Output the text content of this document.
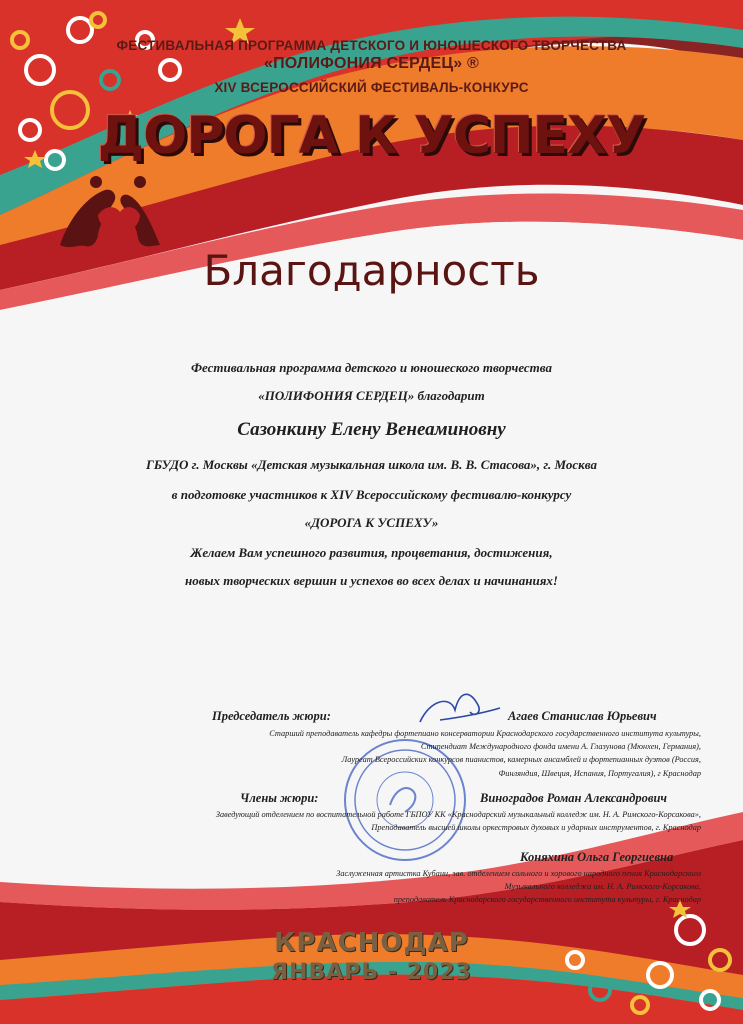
ФЕСТИВАЛЬНАЯ ПРОГРАММА ДЕТСКОГО И ЮНОШЕСКОГО ТВОРЧЕСТВА
«ПОЛИФОНИЯ СЕРДЕЦ» ®
XIV ВСЕРОССИЙСКИЙ ФЕСТИВАЛЬ-КОНКУРС
ДОРОГА К УСПЕХУ
Благодарность
Фестивальная программа детского и юношеского творчества
«ПОЛИФОНИЯ СЕРДЕЦ» благодарит
Сазонкину Елену Венеаминовну
ГБУДО г. Москвы «Детская музыкальная школа им. В. В. Стасова», г. Москва
в подготовке участников к XIV Всероссийскому фестивалю-конкурсу
«ДОРОГА К УСПЕХУ»
Желаем Вам успешного развития, процветания, достижения,
новых творческих вершин и успехов во всех делах и начинаниях!
Председатель жюри:	Агаев Станислав Юрьевич
Старший преподаватель кафедры фортепиано консерватории Краснодарского государственного института культуры,
Стипендиат Международного фонда имени А. Глазунова (Мюнхен, Германия),
Лауреат Всероссийских конкурсов пианистов, камерных ансамблей и фортепианных дуэтов (Россия,
Финляндия, Швеция, Испания, Португалия), г Краснодар
Члены жюри:	Виноградов Роман Александрович
Заведующий отделением по воспитательной работе ГБПОУ КК «Краснодарский музыкальный колледж им. Н. А. Римского-Корсакова»,
Преподаватель высшей школы оркестровых духовых и ударных инструментов, г. Краснодар
Коняхина Ольга Георгиевна
Заслуженная артистка Кубани, зав. отделением сольного и хорового народного пения Краснодарского
Музыкального колледжа им. Н. А. Римского-Корсакова,
преподаватель Краснодарского государственного института культуры, г. Краснодар
КРАСНОДАР
ЯНВАРЬ - 2023
